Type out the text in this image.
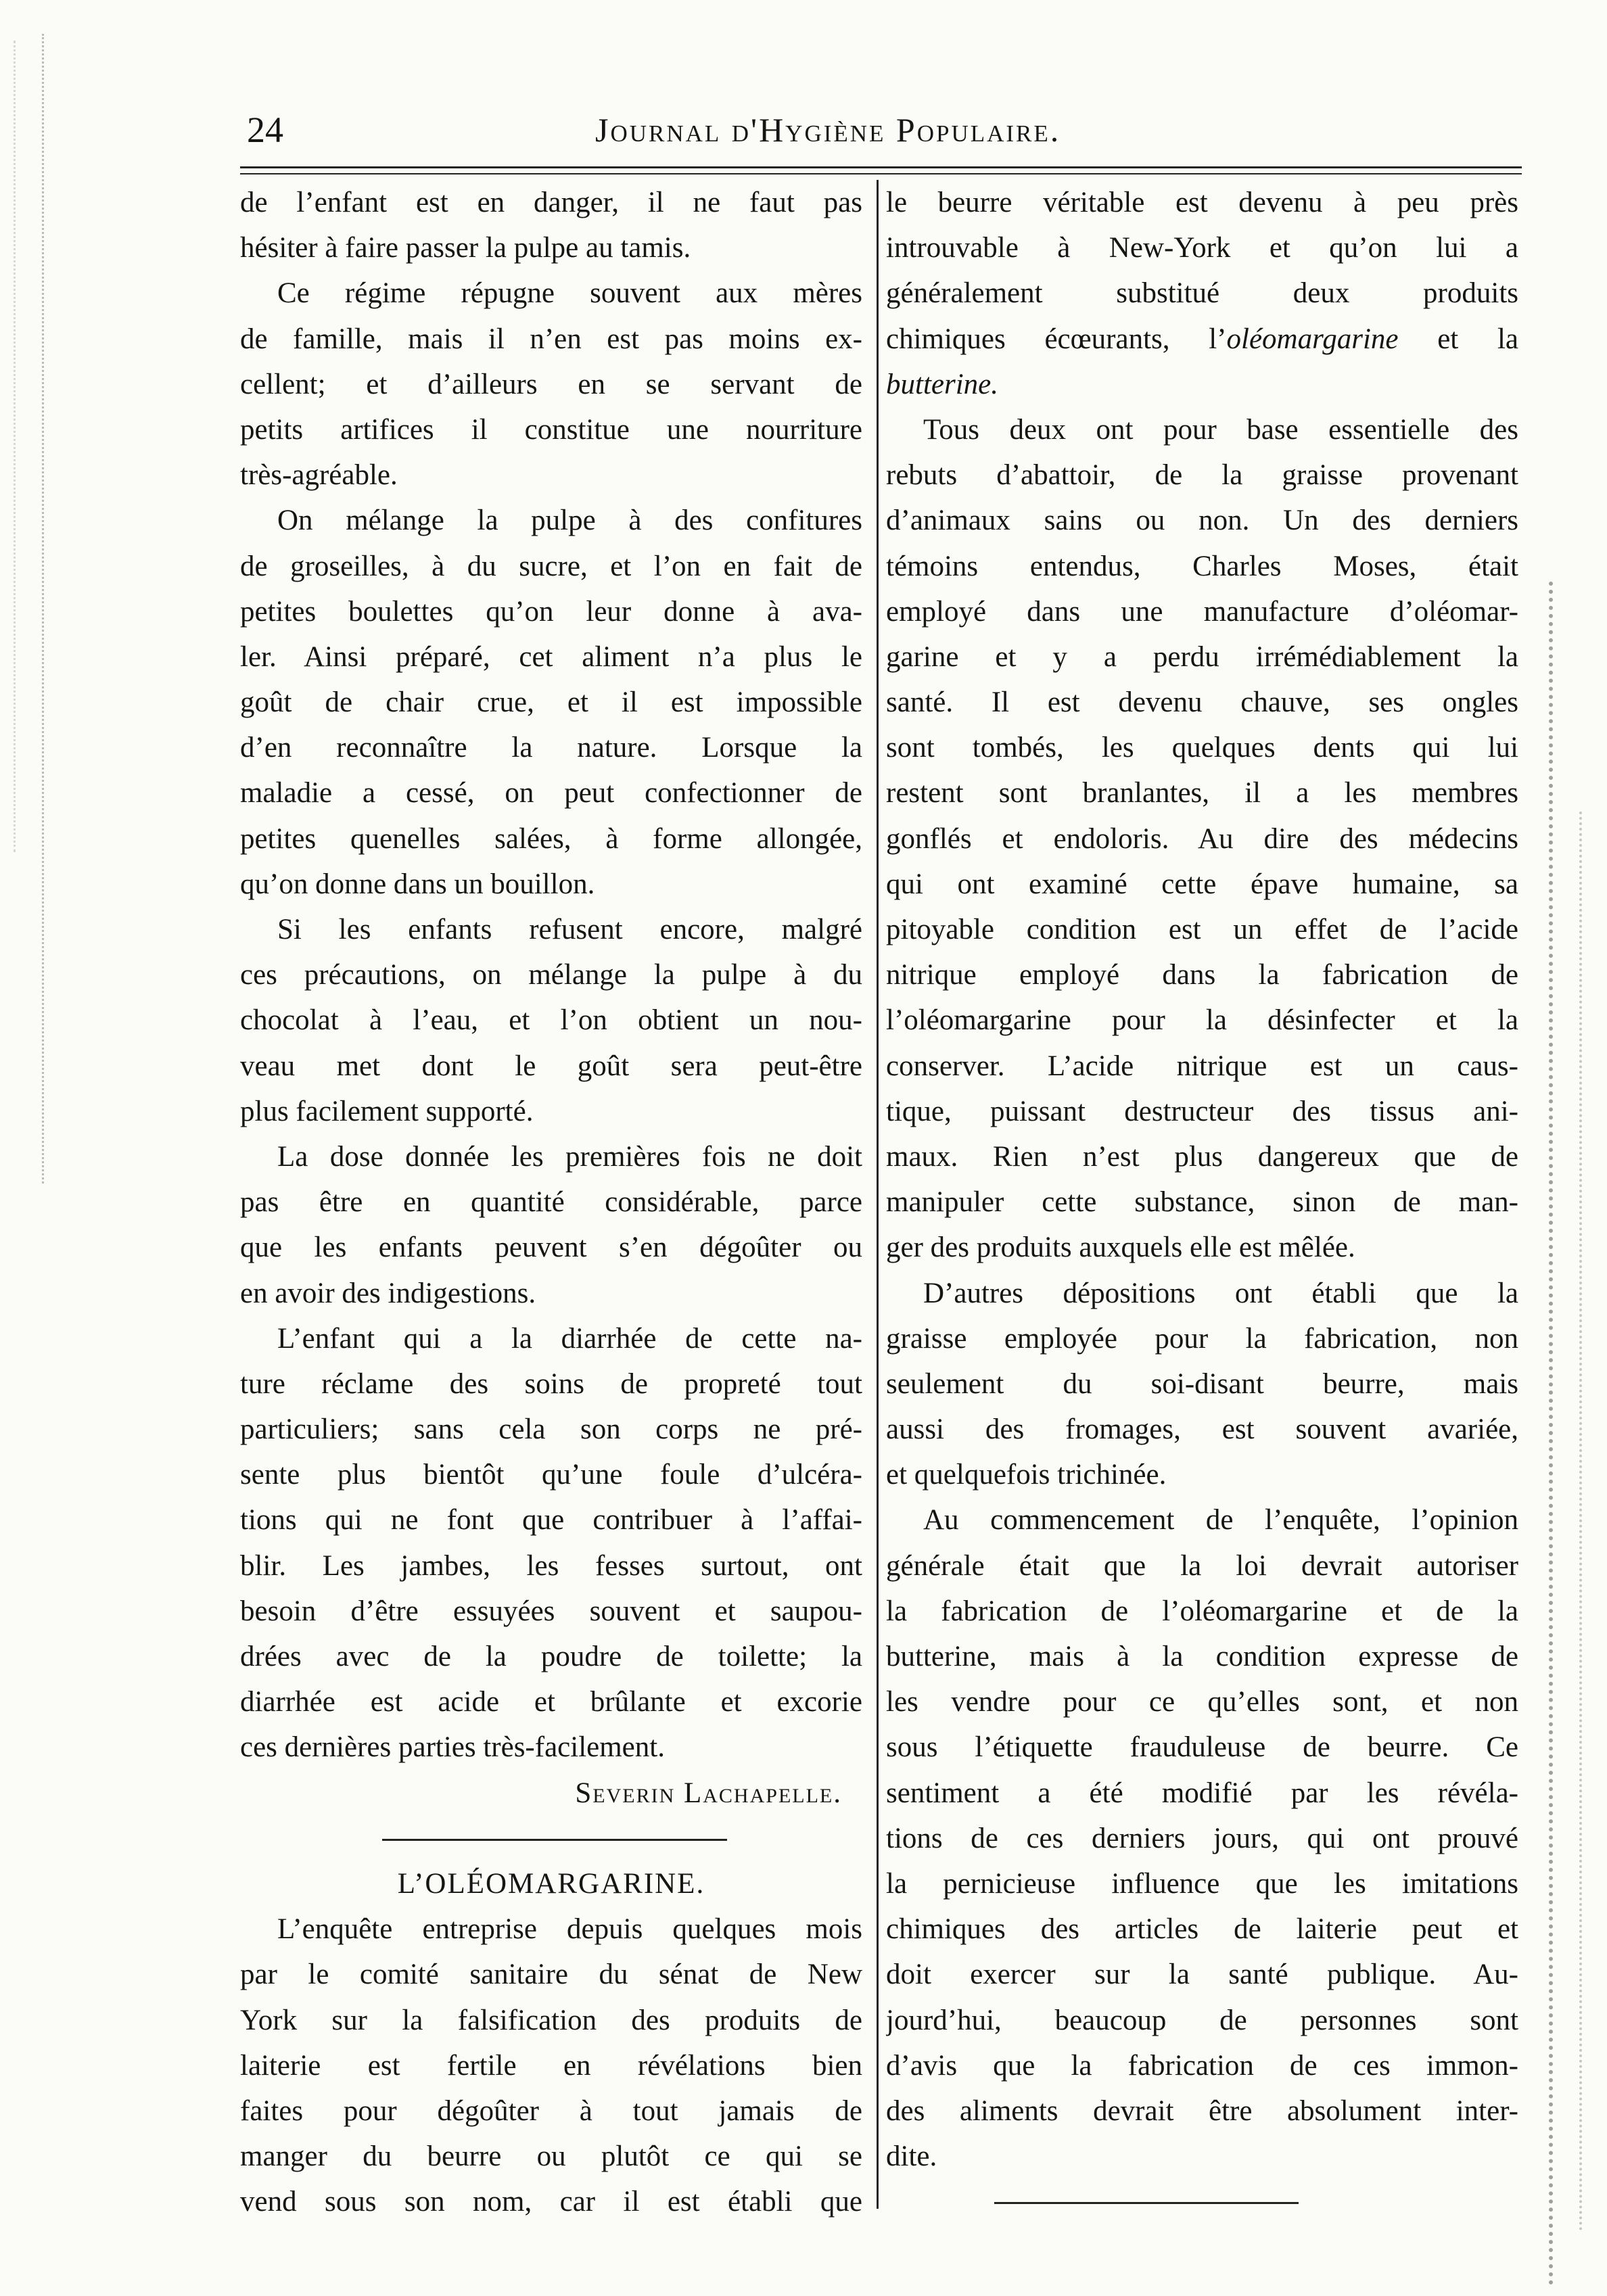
24	Journal d'Hygiène Populaire.
de l’enfant est en danger, il ne faut pas
hésiter à faire passer la pulpe au tamis.
Ce régime répugne souvent aux mères
de famille, mais il n’en est pas moins ex-
cellent; et d’ailleurs en se servant de
petits artifices il constitue une nourriture
très-agréable.
On mélange la pulpe à des confitures
de groseilles, à du sucre, et l’on en fait de
petites boulettes qu’on leur donne à ava-
ler. Ainsi préparé, cet aliment n’a plus le
goût de chair crue, et il est impossible
d’en reconnaître la nature. Lorsque la
maladie a cessé, on peut confectionner de
petites quenelles salées, à forme allongée,
qu’on donne dans un bouillon.
Si les enfants refusent encore, malgré
ces précautions, on mélange la pulpe à du
chocolat à l’eau, et l’on obtient un nou-
veau met dont le goût sera peut-être
plus facilement supporté.
La dose donnée les premières fois ne doit
pas être en quantité considérable, parce
que les enfants peuvent s’en dégoûter ou
en avoir des indigestions.
L’enfant qui a la diarrhée de cette na-
ture réclame des soins de propreté tout
particuliers; sans cela son corps ne pré-
sente plus bientôt qu’une foule d’ulcéra-
tions qui ne font que contribuer à l’affai-
blir. Les jambes, les fesses surtout, ont
besoin d’être essuyées souvent et saupou-
drées avec de la poudre de toilette; la
diarrhée est acide et brûlante et excorie
ces dernières parties très-facilement.
Severin Lachapelle.
L’OLÉOMARGARINE.
L’enquête entreprise depuis quelques mois
par le comité sanitaire du sénat de New
York sur la falsification des produits de
laiterie est fertile en révélations bien
faites pour dégoûter à tout jamais de
manger du beurre ou plutôt ce qui se
vend sous son nom, car il est établi que
le beurre véritable est devenu à peu près
introuvable à New-York et qu’on lui a
généralement substitué deux produits
chimiques écœurants, l’oléomargarine et la
butterine.
Tous deux ont pour base essentielle des
rebuts d’abattoir, de la graisse provenant
d’animaux sains ou non. Un des derniers
témoins entendus, Charles Moses, était
employé dans une manufacture d’oléomar-
garine et y a perdu irrémédiablement la
santé. Il est devenu chauve, ses ongles
sont tombés, les quelques dents qui lui
restent sont branlantes, il a les membres
gonflés et endoloris. Au dire des médecins
qui ont examiné cette épave humaine, sa
pitoyable condition est un effet de l’acide
nitrique employé dans la fabrication de
l’oléomargarine pour la désinfecter et la
conserver. L’acide nitrique est un caus-
tique, puissant destructeur des tissus ani-
maux. Rien n’est plus dangereux que de
manipuler cette substance, sinon de man-
ger des produits auxquels elle est mêlée.
D’autres dépositions ont établi que la
graisse employée pour la fabrication, non
seulement du soi-disant beurre, mais
aussi des fromages, est souvent avariée,
et quelquefois trichinée.
Au commencement de l’enquête, l’opinion
générale était que la loi devrait autoriser
la fabrication de l’oléomargarine et de la
butterine, mais à la condition expresse de
les vendre pour ce qu’elles sont, et non
sous l’étiquette frauduleuse de beurre. Ce
sentiment a été modifié par les révéla-
tions de ces derniers jours, qui ont prouvé
la pernicieuse influence que les imitations
chimiques des articles de laiterie peut et
doit exercer sur la santé publique. Au-
jourd’hui, beaucoup de personnes sont
d’avis que la fabrication de ces immon-
des aliments devrait être absolument inter-
dite.
